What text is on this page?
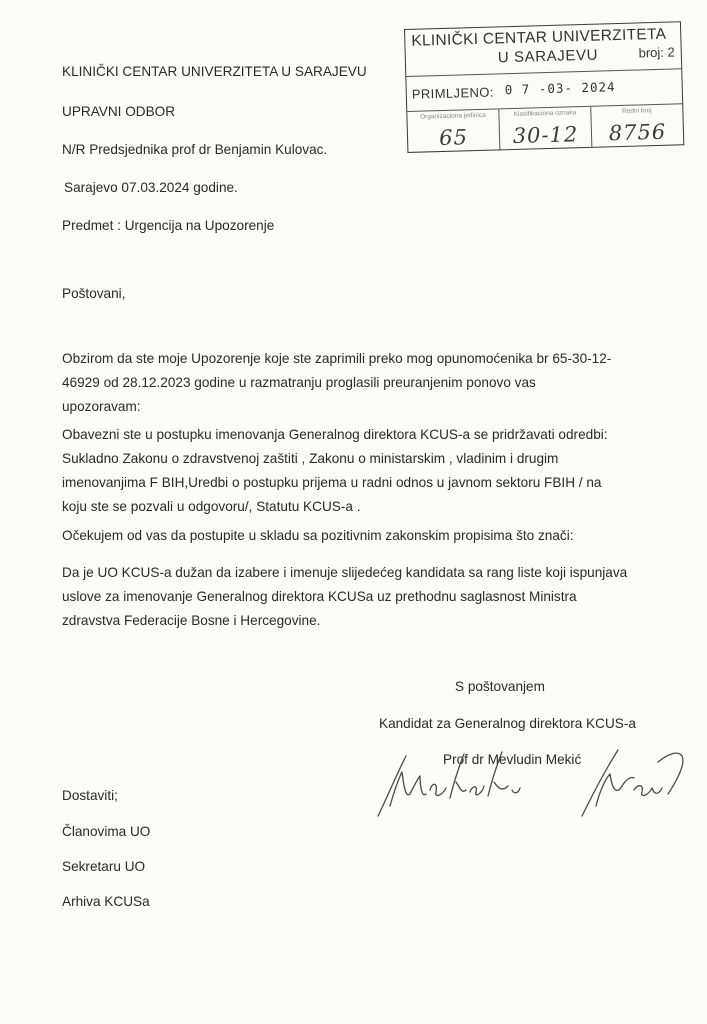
KLINIČKI CENTAR UNIVERZITETA
U SARAJEVU	broj: 2
PRIMLJENO: 0 7 -03- 2024
Organizaciona jedinica
65
Klasifikaciona oznaka
30-12
Redni broj
8756
KLINIČKI CENTAR UNIVERZITETA U SARAJEVU
UPRAVNI ODBOR
N/R Predsjednika prof dr Benjamin Kulovac.
Sarajevo 07.03.2024 godine.
Predmet : Urgencija na Upozorenje
Poštovani,
Obzirom da ste moje Upozorenje koje ste zaprimili preko mog opunomoćenika br 65-30-12-
46929 od 28.12.2023 godine u razmatranju proglasili preuranjenim ponovo vas
upozoravam:
Obavezni ste u postupku imenovanja Generalnog direktora KCUS-a se pridržavati odredbi:
Sukladno Zakonu o zdravstvenoj zaštiti , Zakonu o ministarskim , vladinim i drugim
imenovanjima F BIH,Uredbi o postupku prijema u radni odnos u javnom sektoru FBIH / na
koju ste se pozvali u odgovoru/, Statutu KCUS-a .
Očekujem od vas da postupite u skladu sa pozitivnim zakonskim propisima što znači:
Da je UO KCUS-a dužan da izabere i imenuje slijedećeg kandidata sa rang liste koji ispunjava
uslove za imenovanje Generalnog direktora KCUSa uz prethodnu saglasnost Ministra
zdravstva Federacije Bosne i Hercegovine.
S poštovanjem
Kandidat za Generalnog direktora KCUS-a
Prof dr Mevludin Mekić
Dostaviti;
Članovima UO
Sekretaru UO
Arhiva KCUSa
